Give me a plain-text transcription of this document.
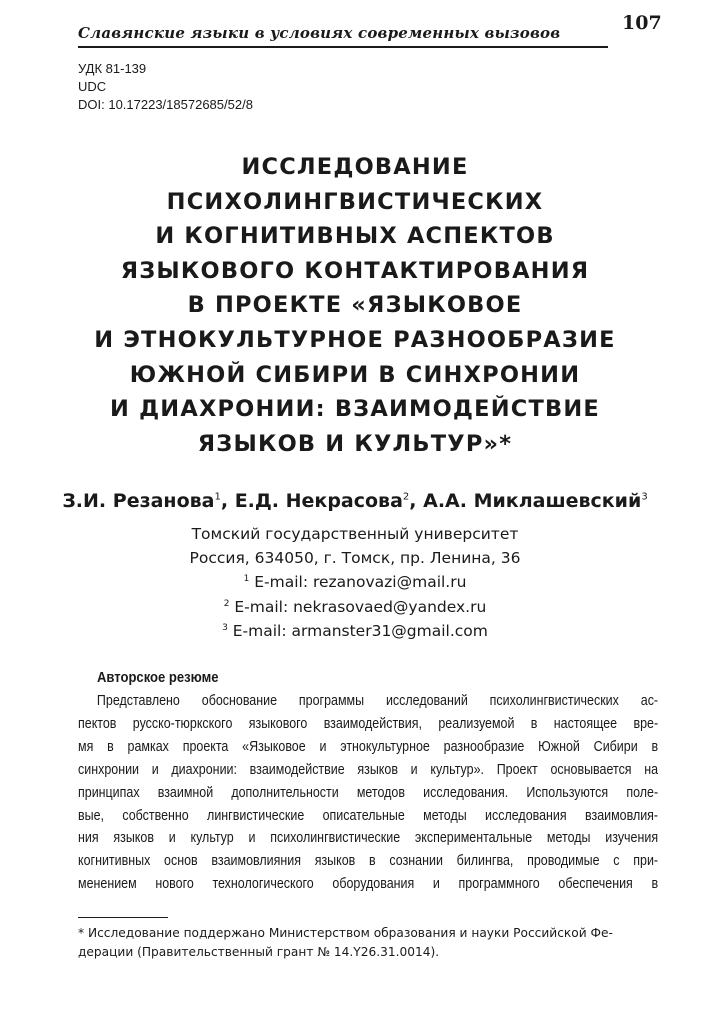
Славянские языки в условиях современных вызовов	107
УДК 81-139
UDC
DOI: 10.17223/18572685/52/8
ИССЛЕДОВАНИЕ
ПСИХОЛИНГВИСТИЧЕСКИХ
И КОГНИТИВНЫХ АСПЕКТОВ
ЯЗЫКОВОГО КОНТАКТИРОВАНИЯ
В ПРОЕКТЕ «ЯЗЫКОВОЕ
И ЭТНОКУЛЬТУРНОЕ РАЗНООБРАЗИЕ
ЮЖНОЙ СИБИРИ В СИНХРОНИИ
И ДИАХРОНИИ: ВЗАИМОДЕЙСТВИЕ
ЯЗЫКОВ И КУЛЬТУР»*
З.И. Резанова$^1$, Е.Д. Некрасова$^2$, А.А. Миклашевский$^3$
Томский государственный университет
Россия, 634050, г. Томск, пр. Ленина, 36
$^1$ E-mail: rezanovazi@mail.ru
$^2$ E-mail: nekrasovaed@yandex.ru
$^3$ E-mail: armanster31@gmail.com
Авторское резюме
Представлено обоснование программы исследований психолингвистических ас-
пектов русско-тюркского языкового взаимодействия, реализуемой в настоящее вре-
мя в рамках проекта «Языковое и этнокультурное разнообразие Южной Сибири в
синхронии и диахронии: взаимодействие языков и культур». Проект основывается на
принципах взаимной дополнительности методов исследования. Используются поле-
вые, собственно лингвистические описательные методы исследования взаимовлия-
ния языков и культур и психолингвистические экспериментальные методы изучения
когнитивных основ взаимовлияния языков в сознании билингва, проводимые с при-
менением нового технологического оборудования и программного обеспечения в
* Исследование поддержано Министерством образования и науки Российской Фе-
дерации (Правительственный грант № 14.Y26.31.0014).
